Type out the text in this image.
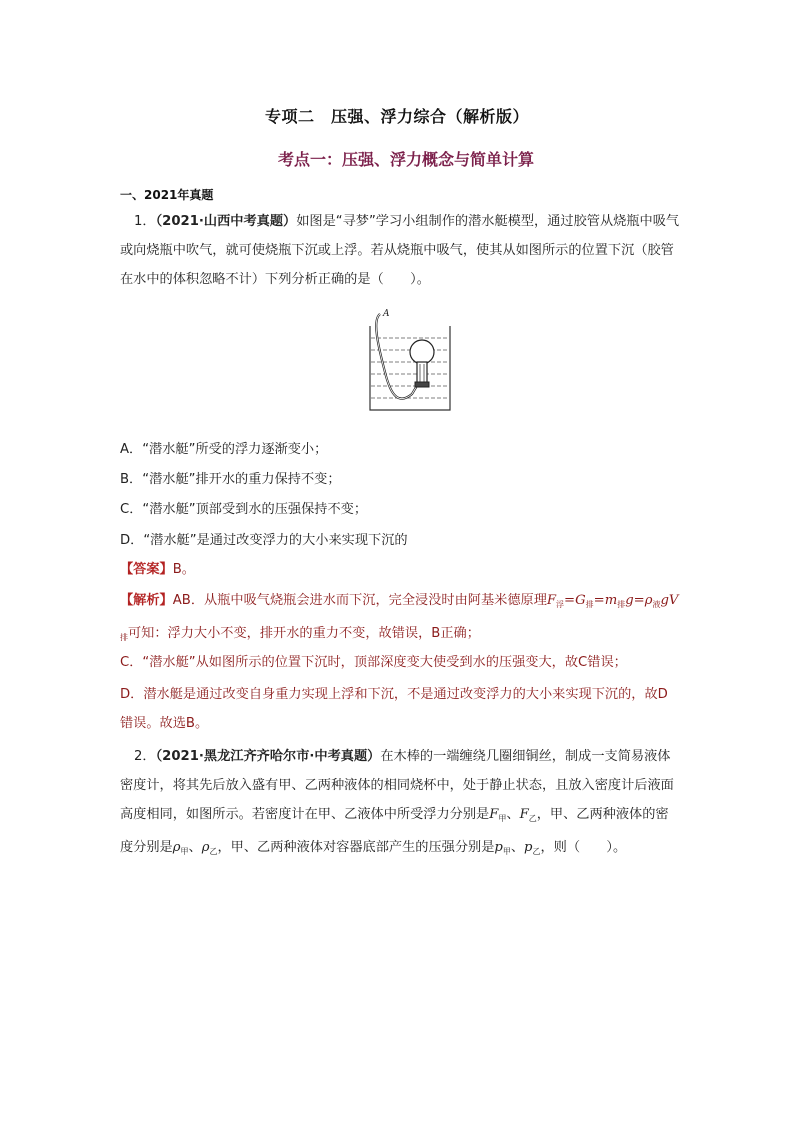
专项二　压强、浮力综合（解析版）
考点一：压强、浮力概念与简单计算
一、2021年真题
1．（2021·山西中考真题）如图是“寻梦”学习小组制作的潜水艇模型，通过胶管从烧瓶中吸气或向烧瓶中吹气，就可使烧瓶下沉或上浮。若从烧瓶中吸气，使其从如图所示的位置下沉（胶管在水中的体积忽略不计）下列分析正确的是（　　）。
A
A．“潜水艇”所受的浮力逐渐变小；
B．“潜水艇”排开水的重力保持不变；
C．“潜水艇”顶部受到水的压强保持不变；
D．“潜水艇”是通过改变浮力的大小来实现下沉的
【答案】B。
【解析】AB．从瓶中吸气烧瓶会进水而下沉，完全浸没时由阿基米德原理$F_浮=G_排=m_排g=\rho_液gV_排$可知：浮力大小不变，排开水的重力不变，故错误，B正确；
C．“潜水艇”从如图所示的位置下沉时，顶部深度变大使受到水的压强变大，故C错误；
D．潜水艇是通过改变自身重力实现上浮和下沉，不是通过改变浮力的大小来实现下沉的，故D错误。故选B。
2．（2021·黑龙江齐齐哈尔市·中考真题）在木棒的一端缠绕几圈细铜丝，制成一支简易液体密度计，将其先后放入盛有甲、乙两种液体的相同烧杯中，处于静止状态，且放入密度计后液面高度相同，如图所示。若密度计在甲、乙液体中所受浮力分别是$F_甲$、$F_乙$，甲、乙两种液体的密度分别是$\rho_甲$、$\rho_乙$，甲、乙两种液体对容器底部产生的压强分别是$p_甲$、$p_乙$，则（　　）。
